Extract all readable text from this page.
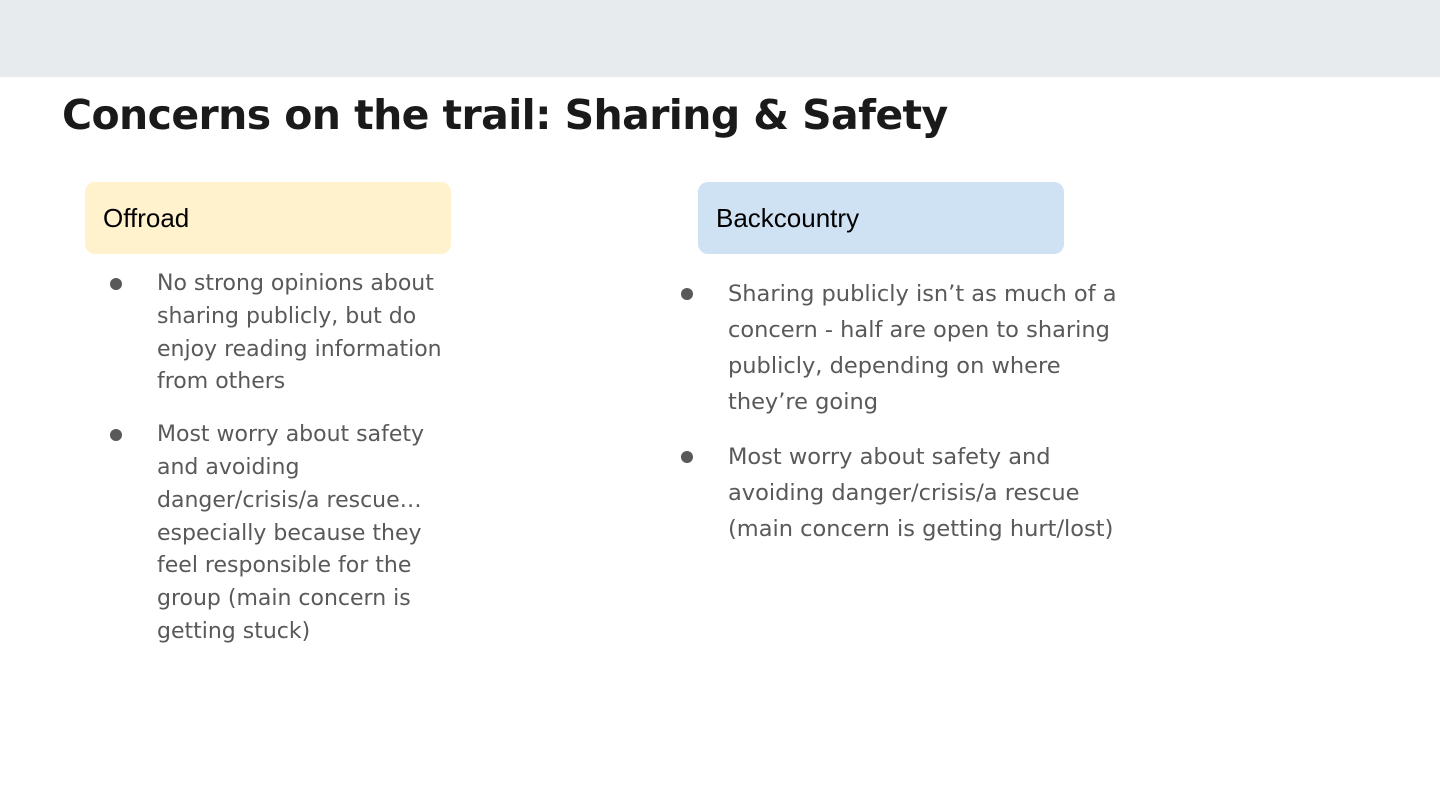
Concerns on the trail: Sharing & Safety
Offroad
No strong opinions about sharing publicly, but do enjoy reading information from others
Most worry about safety and avoiding danger/crisis/a rescue…especially because they feel responsible for the group (main concern is getting stuck)
Backcountry
Sharing publicly isn’t as much of a concern - half are open to sharing publicly, depending on where they’re going
Most worry about safety and avoiding danger/crisis/a rescue (main concern is getting hurt/lost)
